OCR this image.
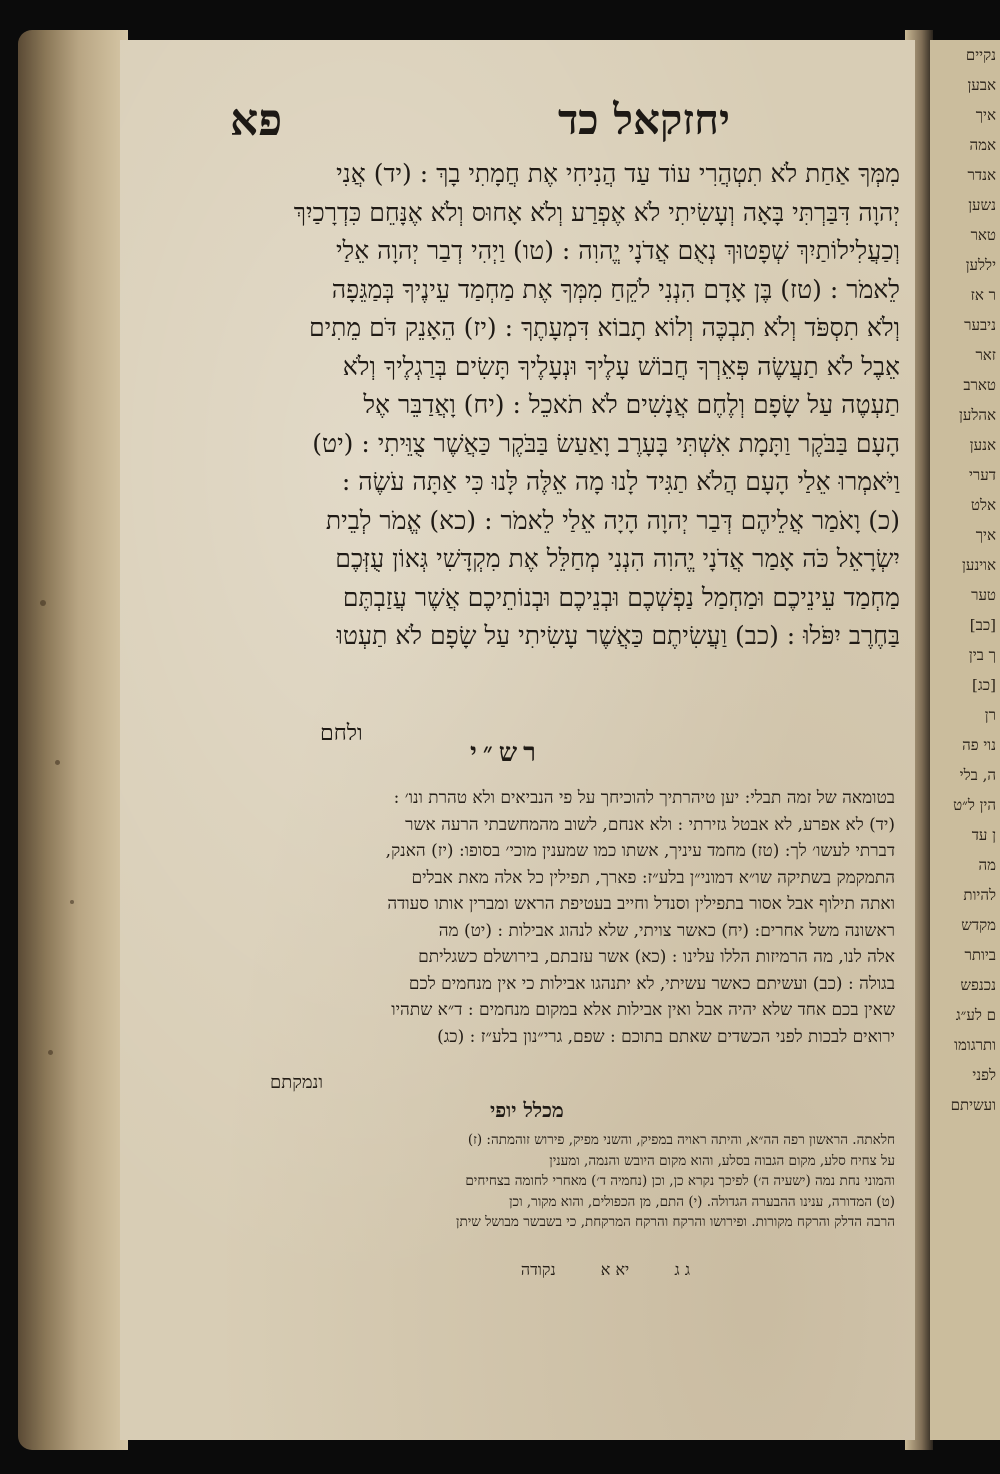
נקיים
אבען
איך
אמה
אנדר
נשען
טאר
יללען
ר אז
ניבער
זאר
טארב
אהלען
אנען
דערי
אלט
איך
אוינען
טער
[כב]
ך בין
[כג]
רן
נוי פה
ה, בלי
הין ל״ט
ן עד
מה
להיות
מקדש
ביותר
נכנפש
ם לע״ג
ותרגומו
לפני
ועשיתם
יחזקאל כד
פא
מִמְּךָ אַחַת לֹא תִטְהֲרִי עוֹד עַד הֲנִיחִי אֶת חֲמָתִי בָךְ : (יד) אֲנִי
יְהוָה דִּבַּרְתִּי בָּאָה וְעָשִׂיתִי לֹא אֶפְרַע וְלֹא אָחוּס וְלֹא אֶנָּחֵם כִּדְרָכַיִךְ
וְכַעֲלִילוֹתַיִךְ שְׁפָטוּךְ נְאֻם אֲדֹנָי יֱהוִה : (טו) וַיְהִי דְבַר יְהוָה אֵלַי
לֵאמֹר : (טז) בֶּן אָדָם הִנְנִי לֹקֵחַ מִמְּךָ אֶת מַחְמַד עֵינֶיךָ בְּמַגֵּפָה
וְלֹא תִסְפֹּד וְלֹא תִבְכֶּה וְלוֹא תָבוֹא דִּמְעָתֶךָ : (יז) הֵאָנֵק דֹּם מֵתִים
אֵבֶל לֹא תַעֲשֶׂה פְּאֵרְךָ חֲבוֹשׁ עָלֶיךָ וּנְעָלֶיךָ תָּשִׂים בְּרַגְלֶיךָ וְלֹא
תַעְטֶה עַל שָׂפָם וְלֶחֶם אֲנָשִׁים לֹא תֹאכֵל : (יח) וָאֲדַבֵּר אֶל
הָעָם בַּבֹּקֶר וַתָּמָת אִשְׁתִּי בָּעָרֶב וָאַעַשׂ בַּבֹּקֶר כַּאֲשֶׁר צֻוֵּיתִי : (יט)
וַיֹּאמְרוּ אֵלַי הָעָם הֲלֹא תַגִּיד לָנוּ מָה אֵלֶּה לָּנוּ כִּי אַתָּה עֹשֶׂה :
(כ) וָאֹמַר אֲלֵיהֶם דְּבַר יְהוָה הָיָה אֵלַי לֵאמֹר : (כא) אֱמֹר לְבֵית
יִשְׂרָאֵל כֹּה אָמַר אֲדֹנָי יֱהוִה הִנְנִי מְחַלֵּל אֶת מִקְדָּשִׁי גְּאוֹן עֻזְּכֶם
מַחְמַד עֵינֵיכֶם וּמַחְמַל נַפְשְׁכֶם וּבְנֵיכֶם וּבְנוֹתֵיכֶם אֲשֶׁר עֲזַבְתֶּם
בַּחֶרֶב יִפֹּלוּ : (כב) וַעֲשִׂיתֶם כַּאֲשֶׁר עָשִׂיתִי עַל שָׂפָם לֹא תַעְטוּ
ולחם
רש״י
בטומאה של זמה תבלי: יען טיהרתיך להוכיחך על פי הנביאים ולא טהרת ונו׳ :
(יד) לא אפרע, לא אבטל גזירתי : ולא אנחם, לשוב מהמחשבתי הרעה אשר
דברתי לעשו׳ לך: (טז) מחמד עיניך, אשתו כמו שמענין מוכי׳ בסופו: (יז) האנק,
התמקמק בשתיקה שו״א דמוני״ן בלע״ז: פארך, תפילין כל אלה מאת אבלים
ואתה תילוף אבל אסור בתפילין וסנדל וחייב בעטיפת הראש ומברין אותו סעודה
ראשונה משל אחרים: (יח) כאשר צויתי, שלא לנהוג אבילות : (יט) מה
אלה לנו, מה הרמיזות הללו עלינו : (כא) אשר עזבתם, בירושלם כשגליתם
בגולה : (כב) ועשיתם כאשר עשיתי, לא יתנהגו אבילות כי אין מנחמים לכם
שאין בכם אחד שלא יהיה אבל ואין אבילות אלא במקום מנחמים : ד״א שתהיו
ירואים לבכות לפני הכשדים שאתם בתוכם : שפם, גרי״נון בלע״ז : (כג)
ונמקתם
מכלל יופי
חלאתה. הראשון רפה הה״א, והיתה ראויה במפיק, והשני מפיק, פירוש זוהמתה: (ז)
על צחיח סלע, מקום הגבוה בסלע, והוא מקום היובש והנמה, ומענין
והמוני נחת נמה (ישעיה ה׳) לפיכך נקרא כן, וכן (נחמיה ד׳) מאחרי לחומה בצחיחים
(ט) המדורה, ענינו ההבערה הגדולה. (י) התם, מן הכפולים, והוא מקור, וכן
הרבה הדלק והרקח מקורות. ופירושו והרקח והרקח המרקחת, כי בשבשר מבושל שיתן
ג ג יא א נקודה
